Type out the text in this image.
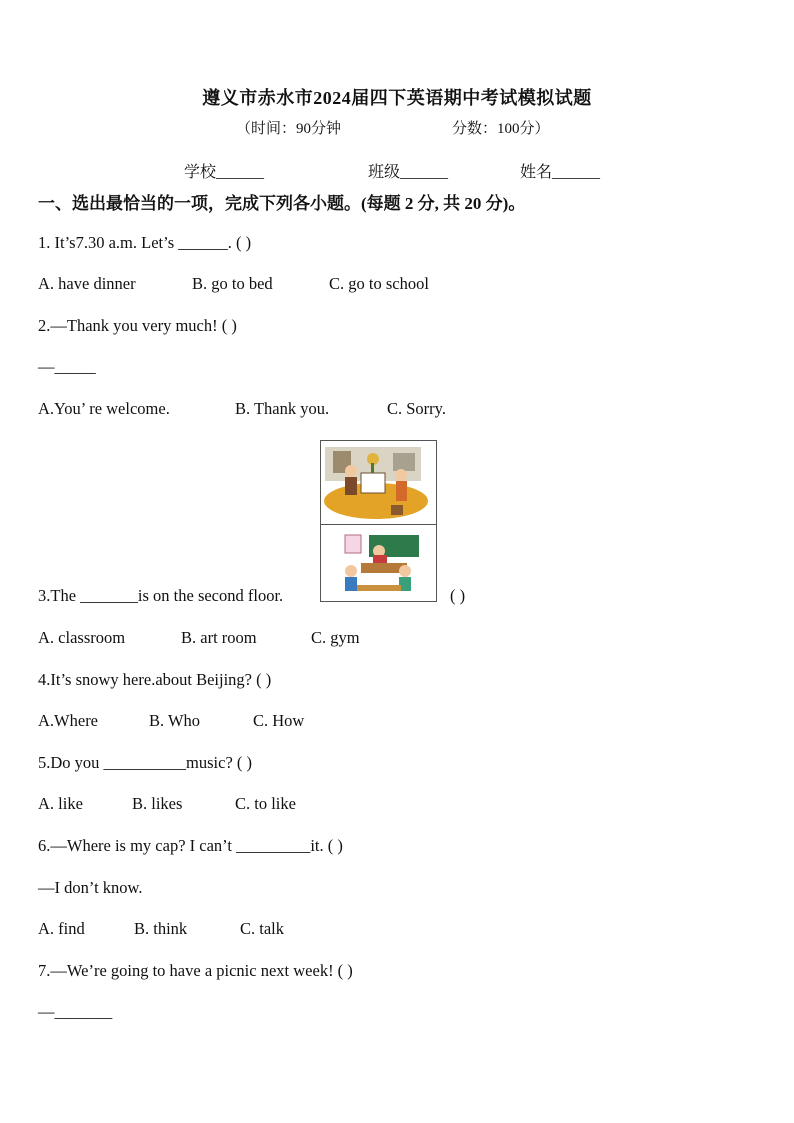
遵义市赤水市2024届四下英语期中考试模拟试题
（时间：90分钟	分数：100分）
学校______	班级______	姓名______
一、选出最恰当的一项，完成下列各小题。(每题 2 分, 共 20 分)。
1. It’s7.30 a.m. Let’s ______. ( )
A. have dinner	B. go to bed	C. go to school
2.—Thank you very much! ( )
—_____
A.You’ re welcome.	B. Thank you.	C. Sorry.
3.The _______is on the second floor.	( )
A. classroom	B. art room	C. gym
4.It’s snowy here.about Beijing? ( )
A.Where	B. Who	C. How
5.Do you __________music? ( )
A. like	B. likes	C. to like
6.—Where is my cap? I can’t _________it. ( )
—I don’t know.
A. find	B. think	C. talk
7.—We’re going to have a picnic next week! ( )
—_______
